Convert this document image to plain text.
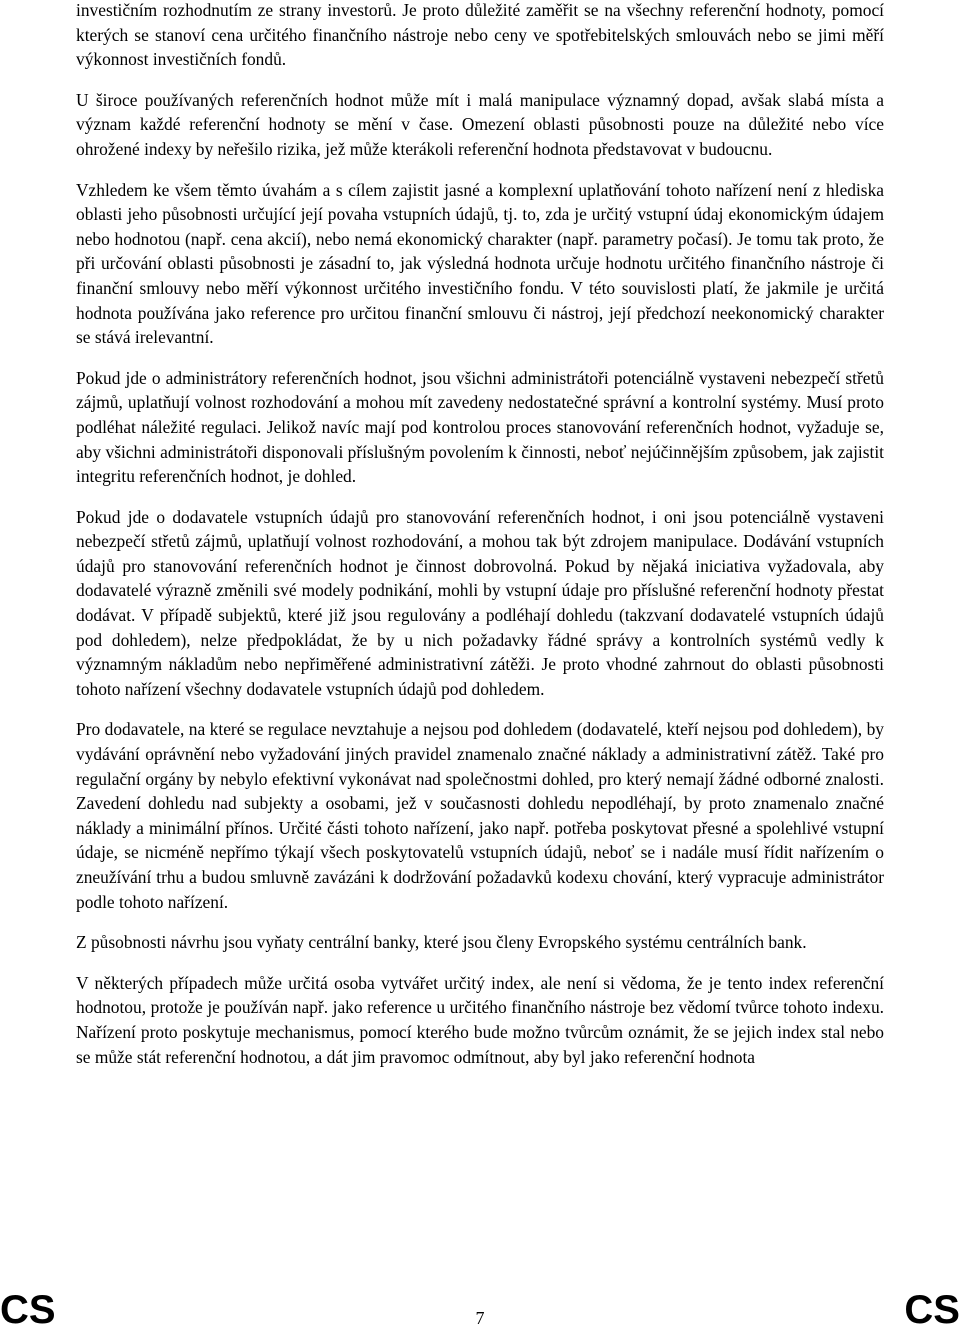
investičním rozhodnutím ze strany investorů. Je proto důležité zaměřit se na všechny referenční hodnoty, pomocí kterých se stanoví cena určitého finančního nástroje nebo ceny ve spotřebitelských smlouvách nebo se jimi měří výkonnost investičních fondů.

U široce používaných referenčních hodnot může mít i malá manipulace významný dopad, avšak slabá místa a význam každé referenční hodnoty se mění v čase. Omezení oblasti působnosti pouze na důležité nebo více ohrožené indexy by neřešilo rizika, jež může kterákoli referenční hodnota představovat v budoucnu.

Vzhledem ke všem těmto úvahám a s cílem zajistit jasné a komplexní uplatňování tohoto nařízení není z hlediska oblasti jeho působnosti určující její povaha vstupních údajů, tj. to, zda je určitý vstupní údaj ekonomickým údajem nebo hodnotou (např. cena akcií), nebo nemá ekonomický charakter (např. parametry počasí). Je tomu tak proto, že při určování oblasti působnosti je zásadní to, jak výsledná hodnota určuje hodnotu určitého finančního nástroje či finanční smlouvy nebo měří výkonnost určitého investičního fondu. V této souvislosti platí, že jakmile je určitá hodnota používána jako reference pro určitou finanční smlouvu či nástroj, její předchozí neekonomický charakter se stává irelevantní.

Pokud jde o administrátory referenčních hodnot, jsou všichni administrátoři potenciálně vystaveni nebezpečí střetů zájmů, uplatňují volnost rozhodování a mohou mít zavedeny nedostatečné správní a kontrolní systémy. Musí proto podléhat náležité regulaci. Jelikož navíc mají pod kontrolou proces stanovování referenčních hodnot, vyžaduje se, aby všichni administrátoři disponovali příslušným povolením k činnosti, neboť nejúčinnějším způsobem, jak zajistit integritu referenčních hodnot, je dohled.

Pokud jde o dodavatele vstupních údajů pro stanovování referenčních hodnot, i oni jsou potenciálně vystaveni nebezpečí střetů zájmů, uplatňují volnost rozhodování, a mohou tak být zdrojem manipulace. Dodávání vstupních údajů pro stanovování referenčních hodnot je činnost dobrovolná. Pokud by nějaká iniciativa vyžadovala, aby dodavatelé výrazně změnili své modely podnikání, mohli by vstupní údaje pro příslušné referenční hodnoty přestat dodávat. V případě subjektů, které již jsou regulovány a podléhají dohledu (takzvaní dodavatelé vstupních údajů pod dohledem), nelze předpokládat, že by u nich požadavky řádné správy a kontrolních systémů vedly k významným nákladům nebo nepřiměřené administrativní zátěži. Je proto vhodné zahrnout do oblasti působnosti tohoto nařízení všechny dodavatele vstupních údajů pod dohledem.

Pro dodavatele, na které se regulace nevztahuje a nejsou pod dohledem (dodavatelé, kteří nejsou pod dohledem), by vydávání oprávnění nebo vyžadování jiných pravidel znamenalo značné náklady a administrativní zátěž. Také pro regulační orgány by nebylo efektivní vykonávat nad společnostmi dohled, pro který nemají žádné odborné znalosti. Zavedení dohledu nad subjekty a osobami, jež v současnosti dohledu nepodléhají, by proto znamenalo značné náklady a minimální přínos. Určité části tohoto nařízení, jako např. potřeba poskytovat přesné a spolehlivé vstupní údaje, se nicméně nepřímo týkají všech poskytovatelů vstupních údajů, neboť se i nadále musí řídit nařízením o zneužívání trhu a budou smluvně zavázáni k dodržování požadavků kodexu chování, který vypracuje administrátor podle tohoto nařízení.

Z působnosti návrhu jsou vyňaty centrální banky, které jsou členy Evropského systému centrálních bank.

V některých případech může určitá osoba vytvářet určitý index, ale není si vědoma, že je tento index referenční hodnotou, protože je používán např. jako reference u určitého finančního nástroje bez vědomí tvůrce tohoto indexu. Nařízení proto poskytuje mechanismus, pomocí kterého bude možno tvůrcům oznámit, že se jejich index stal nebo se může stát referenční hodnotou, a dát jim pravomoc odmítnout, aby byl jako referenční hodnota

CS	7	CS
